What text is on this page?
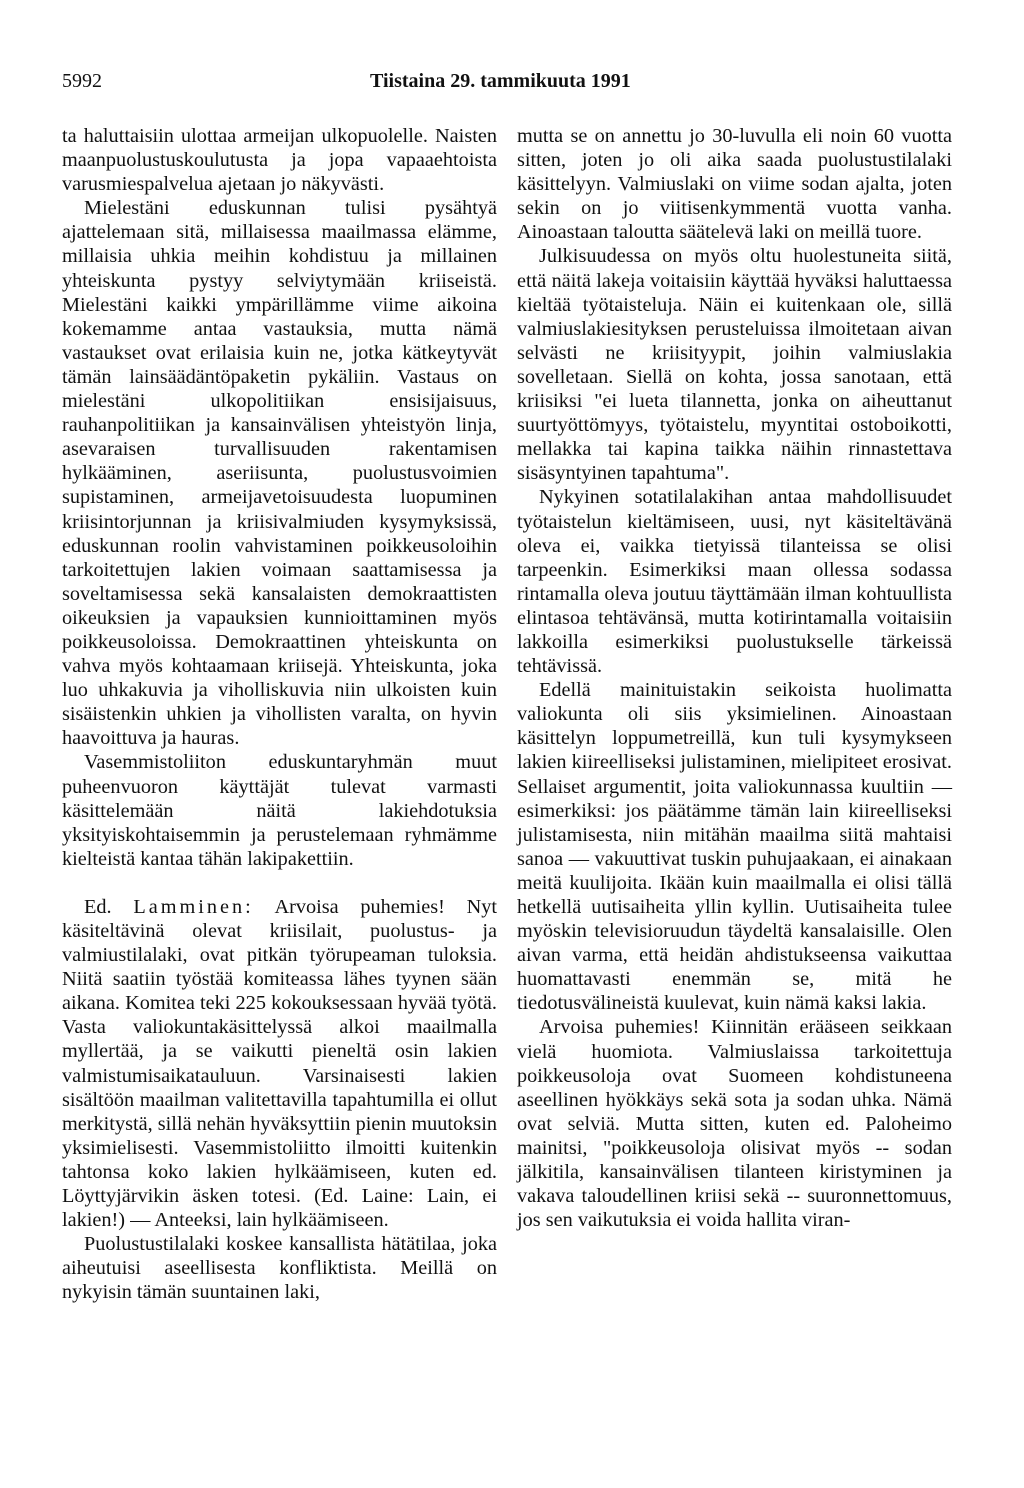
5992	Tiistaina 29. tammikuuta 1991

ta haluttaisiin ulottaa armeijan ulkopuolelle. Naisten maanpuolustuskoulutusta ja jopa vapaaehtoista varusmiespalvelua ajetaan jo näkyvästi.

Mielestäni eduskunnan tulisi pysähtyä ajattelemaan sitä, millaisessa maailmassa elämme, millaisia uhkia meihin kohdistuu ja millainen yhteiskunta pystyy selviytymään kriiseistä. Mielestäni kaikki ympärillämme viime aikoina kokemamme antaa vastauksia, mutta nämä vastaukset ovat erilaisia kuin ne, jotka kätkeytyvät tämän lainsäädäntöpaketin pykäliin. Vastaus on mielestäni ulkopolitiikan ensisijaisuus, rauhanpolitiikan ja kansainvälisen yhteistyön linja, asevaraisen turvallisuuden rakentamisen hylkääminen, aseriisunta, puolustusvoimien supistaminen, armeijavetoisuudesta luopuminen kriisintorjunnan ja kriisivalmiuden kysymyksissä, eduskunnan roolin vahvistaminen poikkeusoloihin tarkoitettujen lakien voimaan saattamisessa ja soveltamisessa sekä kansalaisten demokraattisten oikeuksien ja vapauksien kunnioittaminen myös poikkeusoloissa. Demokraattinen yhteiskunta on vahva myös kohtaamaan kriisejä. Yhteiskunta, joka luo uhkakuvia ja viholliskuvia niin ulkoisten kuin sisäistenkin uhkien ja vihollisten varalta, on hyvin haavoittuva ja hauras.

Vasemmistoliiton eduskuntaryhmän muut puheenvuoron käyttäjät tulevat varmasti käsittelemään näitä lakiehdotuksia yksityiskohtaisemmin ja perustelemaan ryhmämme kielteistä kantaa tähän lakipakettiin.

Ed. Lamminen: Arvoisa puhemies! Nyt käsiteltävinä olevat kriisilait, puolustus- ja valmiustilalaki, ovat pitkän työrupeaman tuloksia. Niitä saatiin työstää komiteassa lähes tyynen sään aikana. Komitea teki 225 kokouksessaan hyvää työtä. Vasta valiokuntakäsittelyssä alkoi maailmalla myllertää, ja se vaikutti pieneltä osin lakien valmistumisaikatauluun. Varsinaisesti lakien sisältöön maailman valitettavilla tapahtumilla ei ollut merkitystä, sillä nehän hyväksyttiin pienin muutoksin yksimielisesti. Vasemmistoliitto ilmoitti kuitenkin tahtonsa koko lakien hylkäämiseen, kuten ed. Löyttyjärvikin äsken totesi. (Ed. Laine: Lain, ei lakien!) — Anteeksi, lain hylkäämiseen.

Puolustustilalaki koskee kansallista hätätilaa, joka aiheutuisi aseellisesta konfliktista. Meillä on nykyisin tämän suuntainen laki,

mutta se on annettu jo 30-luvulla eli noin 60 vuotta sitten, joten jo oli aika saada puolustustilalaki käsittelyyn. Valmiuslaki on viime sodan ajalta, joten sekin on jo viitisenkymmentä vuotta vanha. Ainoastaan taloutta säätelevä laki on meillä tuore.

Julkisuudessa on myös oltu huolestuneita siitä, että näitä lakeja voitaisiin käyttää hyväksi haluttaessa kieltää työtaisteluja. Näin ei kuitenkaan ole, sillä valmiuslakiesityksen perusteluissa ilmoitetaan aivan selvästi ne kriisityypit, joihin valmiuslakia sovelletaan. Siellä on kohta, jossa sanotaan, että kriisiksi "ei lueta tilannetta, jonka on aiheuttanut suurtyöttömyys, työtaistelu, myyntitai ostoboikotti, mellakka tai kapina taikka näihin rinnastettava sisäsyntyinen tapahtuma".

Nykyinen sotatilalakihan antaa mahdollisuudet työtaistelun kieltämiseen, uusi, nyt käsiteltävänä oleva ei, vaikka tietyissä tilanteissa se olisi tarpeenkin. Esimerkiksi maan ollessa sodassa rintamalla oleva joutuu täyttämään ilman kohtuullista elintasoa tehtävänsä, mutta kotirintamalla voitaisiin lakkoilla esimerkiksi puolustukselle tärkeissä tehtävissä.

Edellä mainituistakin seikoista huolimatta valiokunta oli siis yksimielinen. Ainoastaan käsittelyn loppumetreillä, kun tuli kysymykseen lakien kiireelliseksi julistaminen, mielipiteet erosivat. Sellaiset argumentit, joita valiokunnassa kuultiin — esimerkiksi: jos päätämme tämän lain kiireelliseksi julistamisesta, niin mitähän maailma siitä mahtaisi sanoa — vakuuttivat tuskin puhujaakaan, ei ainakaan meitä kuulijoita. Ikään kuin maailmalla ei olisi tällä hetkellä uutisaiheita yllin kyllin. Uutisaiheita tulee myöskin televisioruudun täydeltä kansalaisille. Olen aivan varma, että heidän ahdistukseensa vaikuttaa huomattavasti enemmän se, mitä he tiedotusvälineistä kuulevat, kuin nämä kaksi lakia.

Arvoisa puhemies! Kiinnitän erääseen seikkaan vielä huomiota. Valmiuslaissa tarkoitettuja poikkeusoloja ovat Suomeen kohdistuneena aseellinen hyökkäys sekä sota ja sodan uhka. Nämä ovat selviä. Mutta sitten, kuten ed. Paloheimo mainitsi, "poikkeusoloja olisivat myös -- sodan jälkitila, kansainvälisen tilanteen kiristyminen ja vakava taloudellinen kriisi sekä -- suuronnettomuus, jos sen vaikutuksia ei voida hallita viran-
